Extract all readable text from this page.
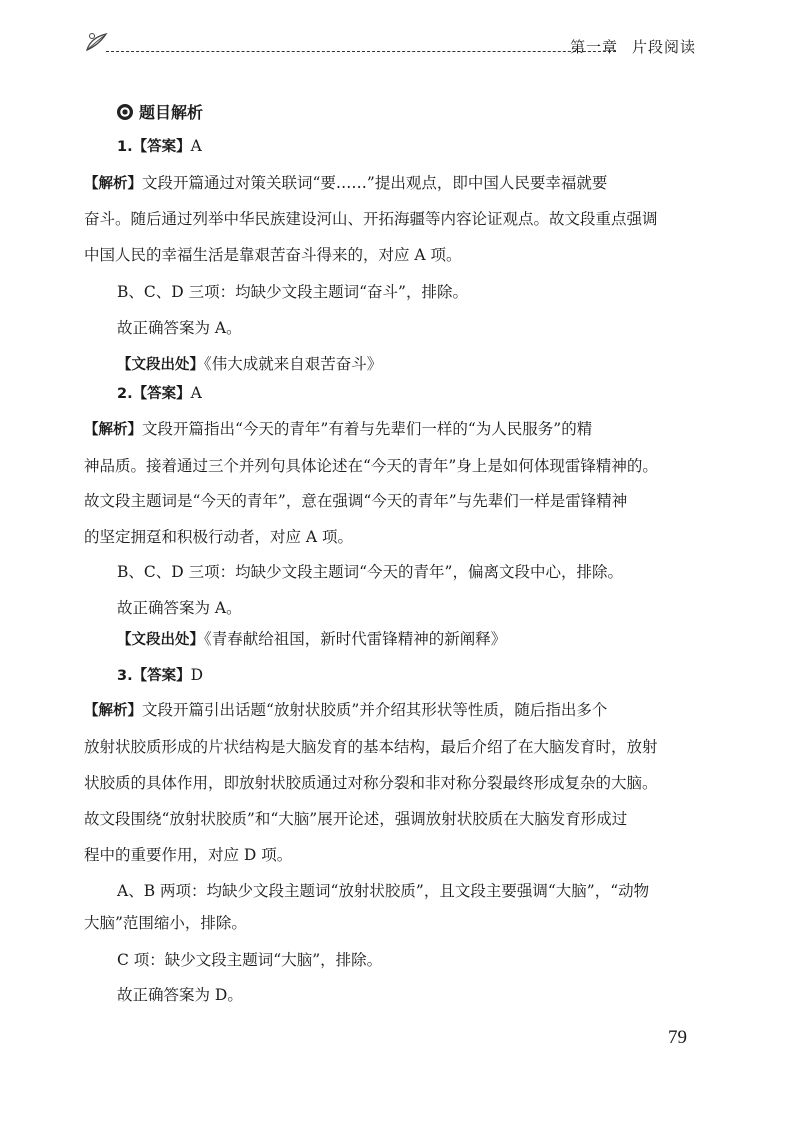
第一章 片段阅读
题目解析
1.【答案】A
【解析】文段开篇通过对策关联词“要……”提出观点，即中国人民要幸福就要
奋斗。随后通过列举中华民族建设河山、开拓海疆等内容论证观点。故文段重点强调
中国人民的幸福生活是靠艰苦奋斗得来的，对应 A 项。
B、C、D 三项：均缺少文段主题词“奋斗”，排除。
故正确答案为 A。
【文段出处】《伟大成就来自艰苦奋斗》
2.【答案】A
【解析】文段开篇指出“今天的青年”有着与先辈们一样的“为人民服务”的精
神品质。接着通过三个并列句具体论述在“今天的青年”身上是如何体现雷锋精神的。
故文段主题词是“今天的青年”，意在强调“今天的青年”与先辈们一样是雷锋精神
的坚定拥趸和积极行动者，对应 A 项。
B、C、D 三项：均缺少文段主题词“今天的青年”，偏离文段中心，排除。
故正确答案为 A。
【文段出处】《青春献给祖国，新时代雷锋精神的新阐释》
3.【答案】D
【解析】文段开篇引出话题“放射状胶质”并介绍其形状等性质，随后指出多个
放射状胶质形成的片状结构是大脑发育的基本结构，最后介绍了在大脑发育时，放射
状胶质的具体作用，即放射状胶质通过对称分裂和非对称分裂最终形成复杂的大脑。
故文段围绕“放射状胶质”和“大脑”展开论述，强调放射状胶质在大脑发育形成过
程中的重要作用，对应 D 项。
A、B 两项：均缺少文段主题词“放射状胶质”，且文段主要强调“大脑”，“动物
大脑”范围缩小，排除。
C 项：缺少文段主题词“大脑”，排除。
故正确答案为 D。
79
